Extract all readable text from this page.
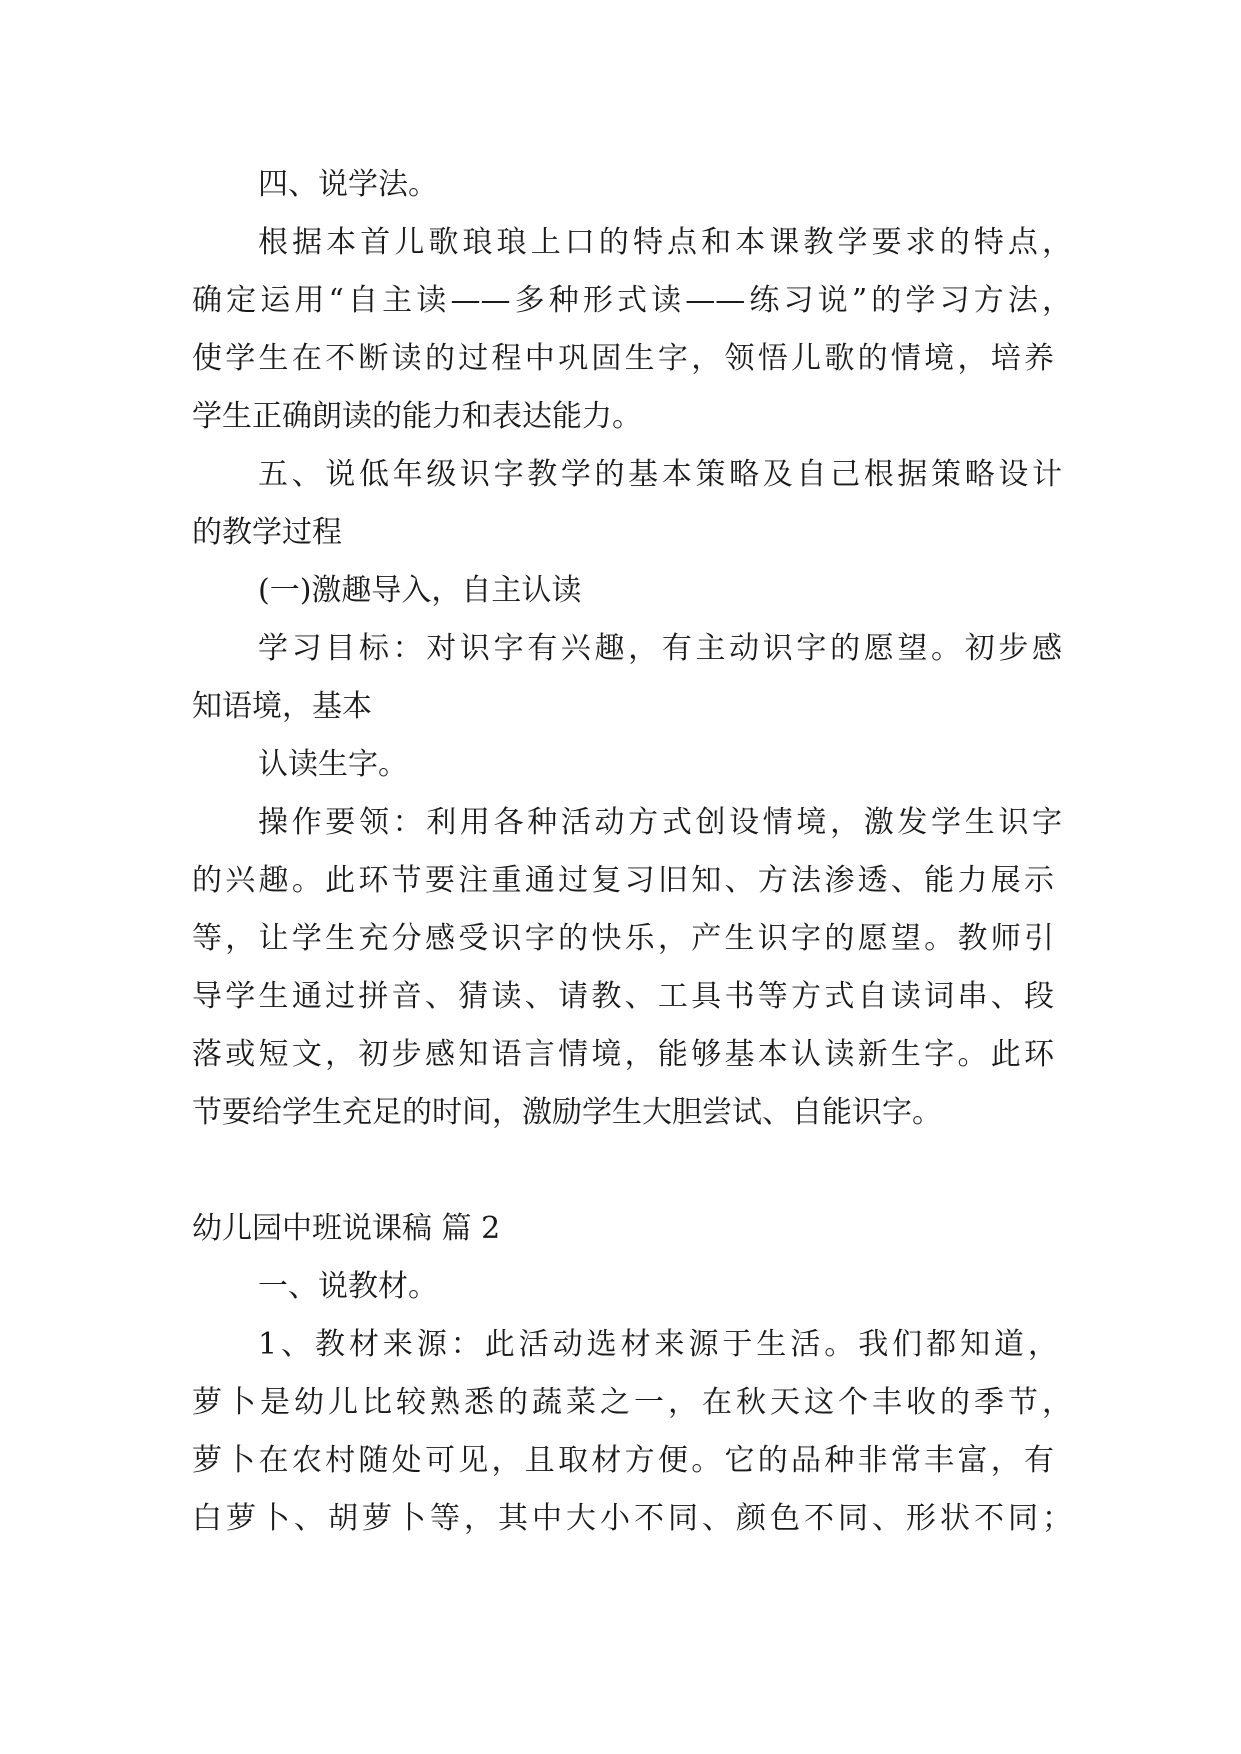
四、说学法。
根据本首儿歌琅琅上口的特点和本课教学要求的特点，
确定运用“自主读——多种形式读——练习说”的学习方法，
使学生在不断读的过程中巩固生字，领悟儿歌的情境，培养
学生正确朗读的能力和表达能力。
五、说低年级识字教学的基本策略及自己根据策略设计
的教学过程
(一)激趣导入，自主认读
学习目标：对识字有兴趣，有主动识字的愿望。初步感
知语境，基本
认读生字。
操作要领：利用各种活动方式创设情境，激发学生识字
的兴趣。此环节要注重通过复习旧知、方法渗透、能力展示
等，让学生充分感受识字的快乐，产生识字的愿望。教师引
导学生通过拼音、猜读、请教、工具书等方式自读词串、段
落或短文，初步感知语言情境，能够基本认读新生字。此环
节要给学生充足的时间，激励学生大胆尝试、自能识字。
幼儿园中班说课稿 篇 2
一、说教材。
1、教材来源：此活动选材来源于生活。我们都知道，
萝卜是幼儿比较熟悉的蔬菜之一，在秋天这个丰收的季节，
萝卜在农村随处可见，且取材方便。它的品种非常丰富，有
白萝卜、胡萝卜等，其中大小不同、颜色不同、形状不同；
